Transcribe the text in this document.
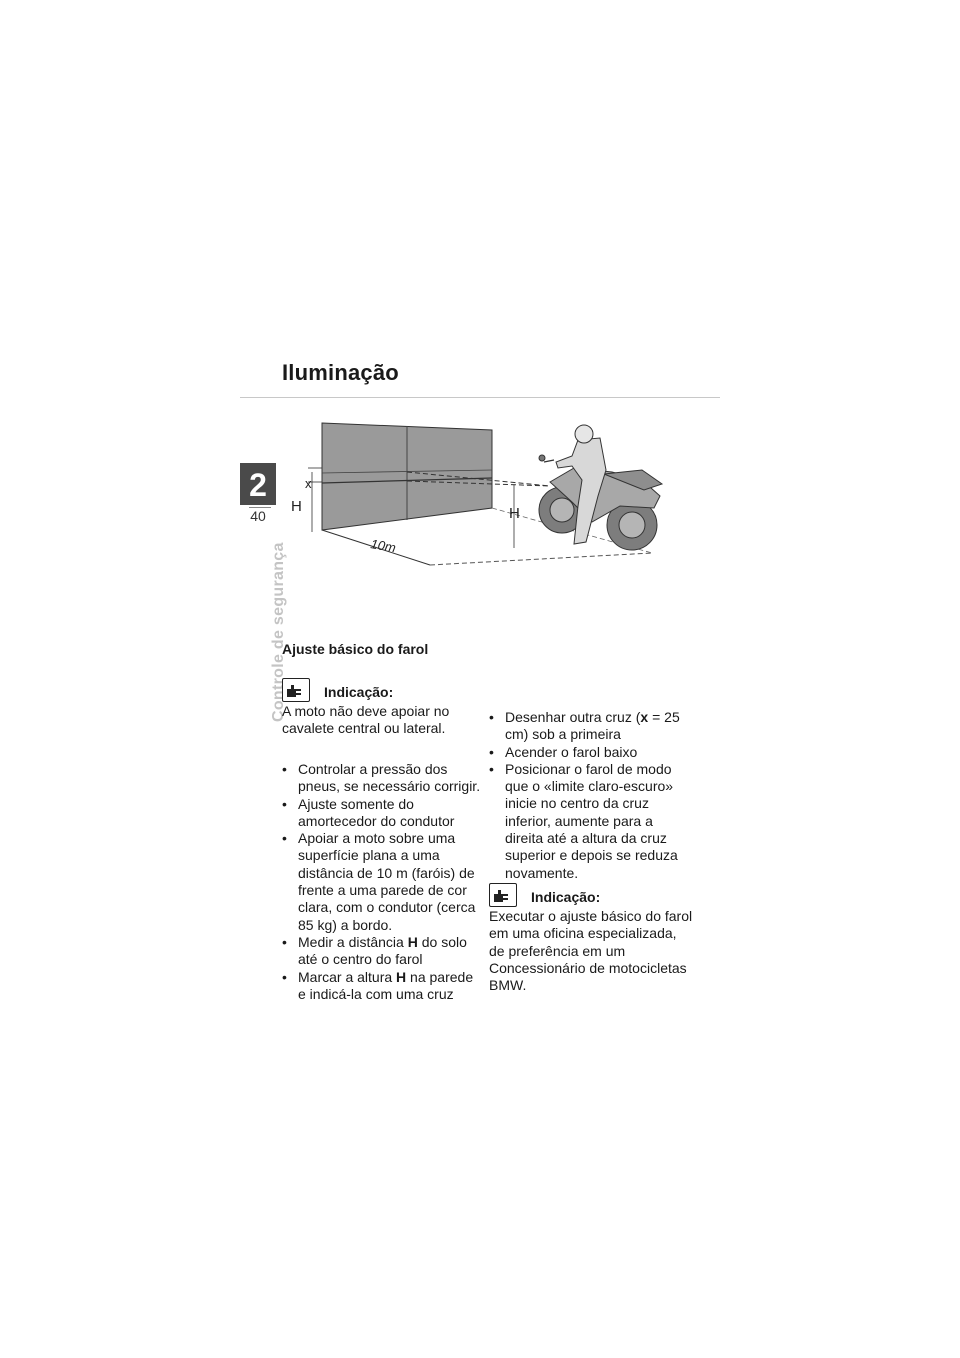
Iluminação
2
40
Controle de segurança
x
H	H
10m
Ajuste básico do farol
Indicação:
A moto não deve apoiar no cavalete central ou lateral.
• Controlar a pressão dos pneus, se necessário corrigir.
• Ajuste somente do amortecedor do condutor
• Apoiar a moto sobre uma superfície plana a uma distância de 10 m (faróis) de frente a uma parede de cor clara, com o condutor (cerca 85 kg) a bordo.
• Medir a distância H do solo até o centro do farol
• Marcar a altura H na parede e indicá-la com uma cruz
• Desenhar outra cruz (x = 25 cm) sob a primeira
• Acender o farol baixo
• Posicionar o farol de modo que o «limite claro-escuro» inicie no centro da cruz inferior, aumente para a direita até a altura da cruz superior e depois se reduza novamente.
Indicação:
Executar o ajuste básico do farol em uma oficina especializada, de preferência em um Concessionário de motocicletas BMW.
